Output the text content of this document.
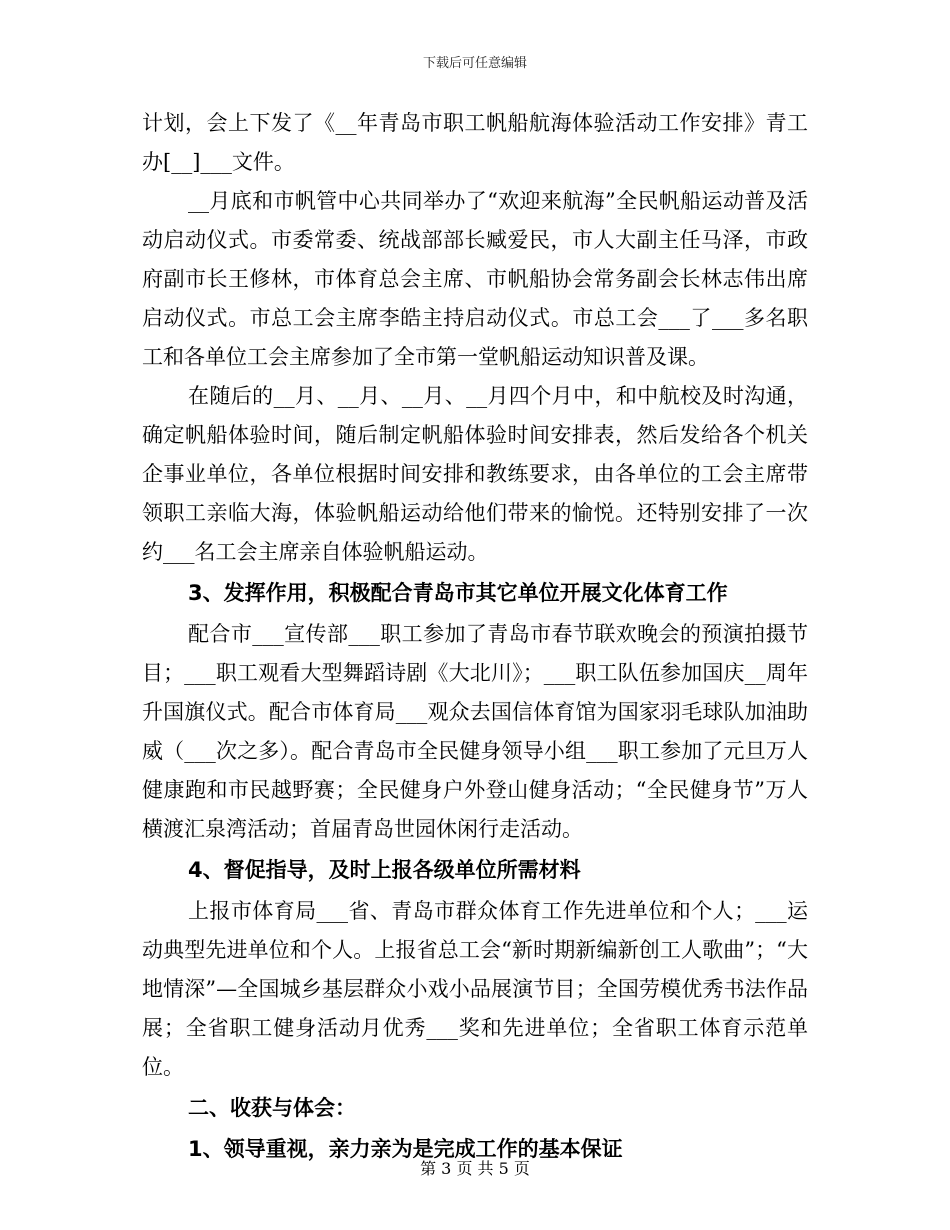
下载后可任意编辑

计划，会上下发了《__年青岛市职工帆船航海体验活动工作安排》青工办[__]___文件。

__月底和市帆管中心共同举办了“欢迎来航海”全民帆船运动普及活动启动仪式。市委常委、统战部部长臧爱民，市人大副主任马泽，市政府副市长王修林，市体育总会主席、市帆船协会常务副会长林志伟出席启动仪式。市总工会主席李皓主持启动仪式。市总工会___了___多名职工和各单位工会主席参加了全市第一堂帆船运动知识普及课。

在随后的__月、__月、__月、__月四个月中，和中航校及时沟通，确定帆船体验时间，随后制定帆船体验时间安排表，然后发给各个机关企事业单位，各单位根据时间安排和教练要求，由各单位的工会主席带领职工亲临大海，体验帆船运动给他们带来的愉悦。还特别安排了一次约___名工会主席亲自体验帆船运动。

3、发挥作用，积极配合青岛市其它单位开展文化体育工作

配合市___宣传部___职工参加了青岛市春节联欢晚会的预演拍摄节目；___职工观看大型舞蹈诗剧《大北川》；___职工队伍参加国庆__周年升国旗仪式。配合市体育局___观众去国信体育馆为国家羽毛球队加油助威（___次之多）。配合青岛市全民健身领导小组___职工参加了元旦万人健康跑和市民越野赛；全民健身户外登山健身活动；“全民健身节”万人横渡汇泉湾活动；首届青岛世园休闲行走活动。

4、督促指导，及时上报各级单位所需材料

上报市体育局___省、青岛市群众体育工作先进单位和个人；___运动典型先进单位和个人。上报省总工会“新时期新编新创工人歌曲”；“大地情深”—全国城乡基层群众小戏小品展演节目；全国劳模优秀书法作品展；全省职工健身活动月优秀___奖和先进单位；全省职工体育示范单位。

二、收获与体会：

1、领导重视，亲力亲为是完成工作的基本保证

第 3 页 共 5 页
